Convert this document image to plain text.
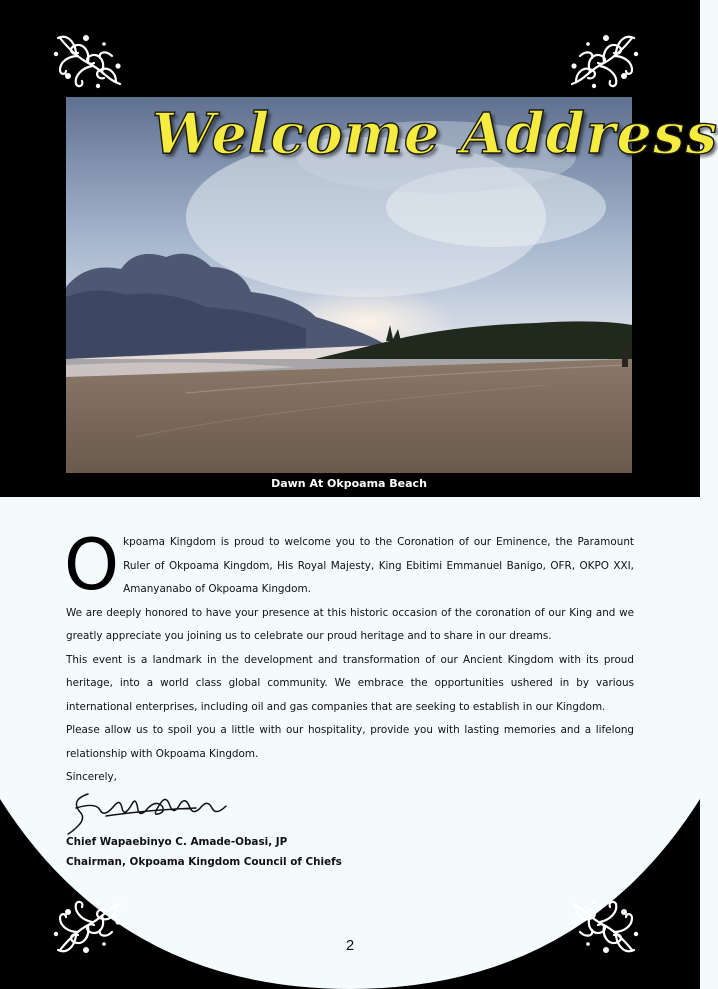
Welcome Address
Dawn At Okpoama Beach
O kpoama Kingdom is proud to welcome you to the Coronation of our Eminence, the Paramount Ruler of Okpoama Kingdom, His Royal Majesty, King Ebitimi Emmanuel Banigo, OFR, OKPO XXI, Amanyanabo of Okpoama Kingdom.

We are deeply honored to have your presence at this historic occasion of the coronation of our King and we greatly appreciate you joining us to celebrate our proud heritage and to share in our dreams.

This event is a landmark in the development and transformation of our Ancient Kingdom with its proud heritage, into a world class global community. We embrace the opportunities ushered in by various international enterprises, including oil and gas companies that are seeking to establish in our Kingdom.

Please allow us to spoil you a little with our hospitality, provide you with lasting memories and a lifelong relationship with Okpoama Kingdom.

Sincerely,

Chief Wapaebinyo C. Amade-Obasi, JP
Chairman, Okpoama Kingdom Council of Chiefs
2
